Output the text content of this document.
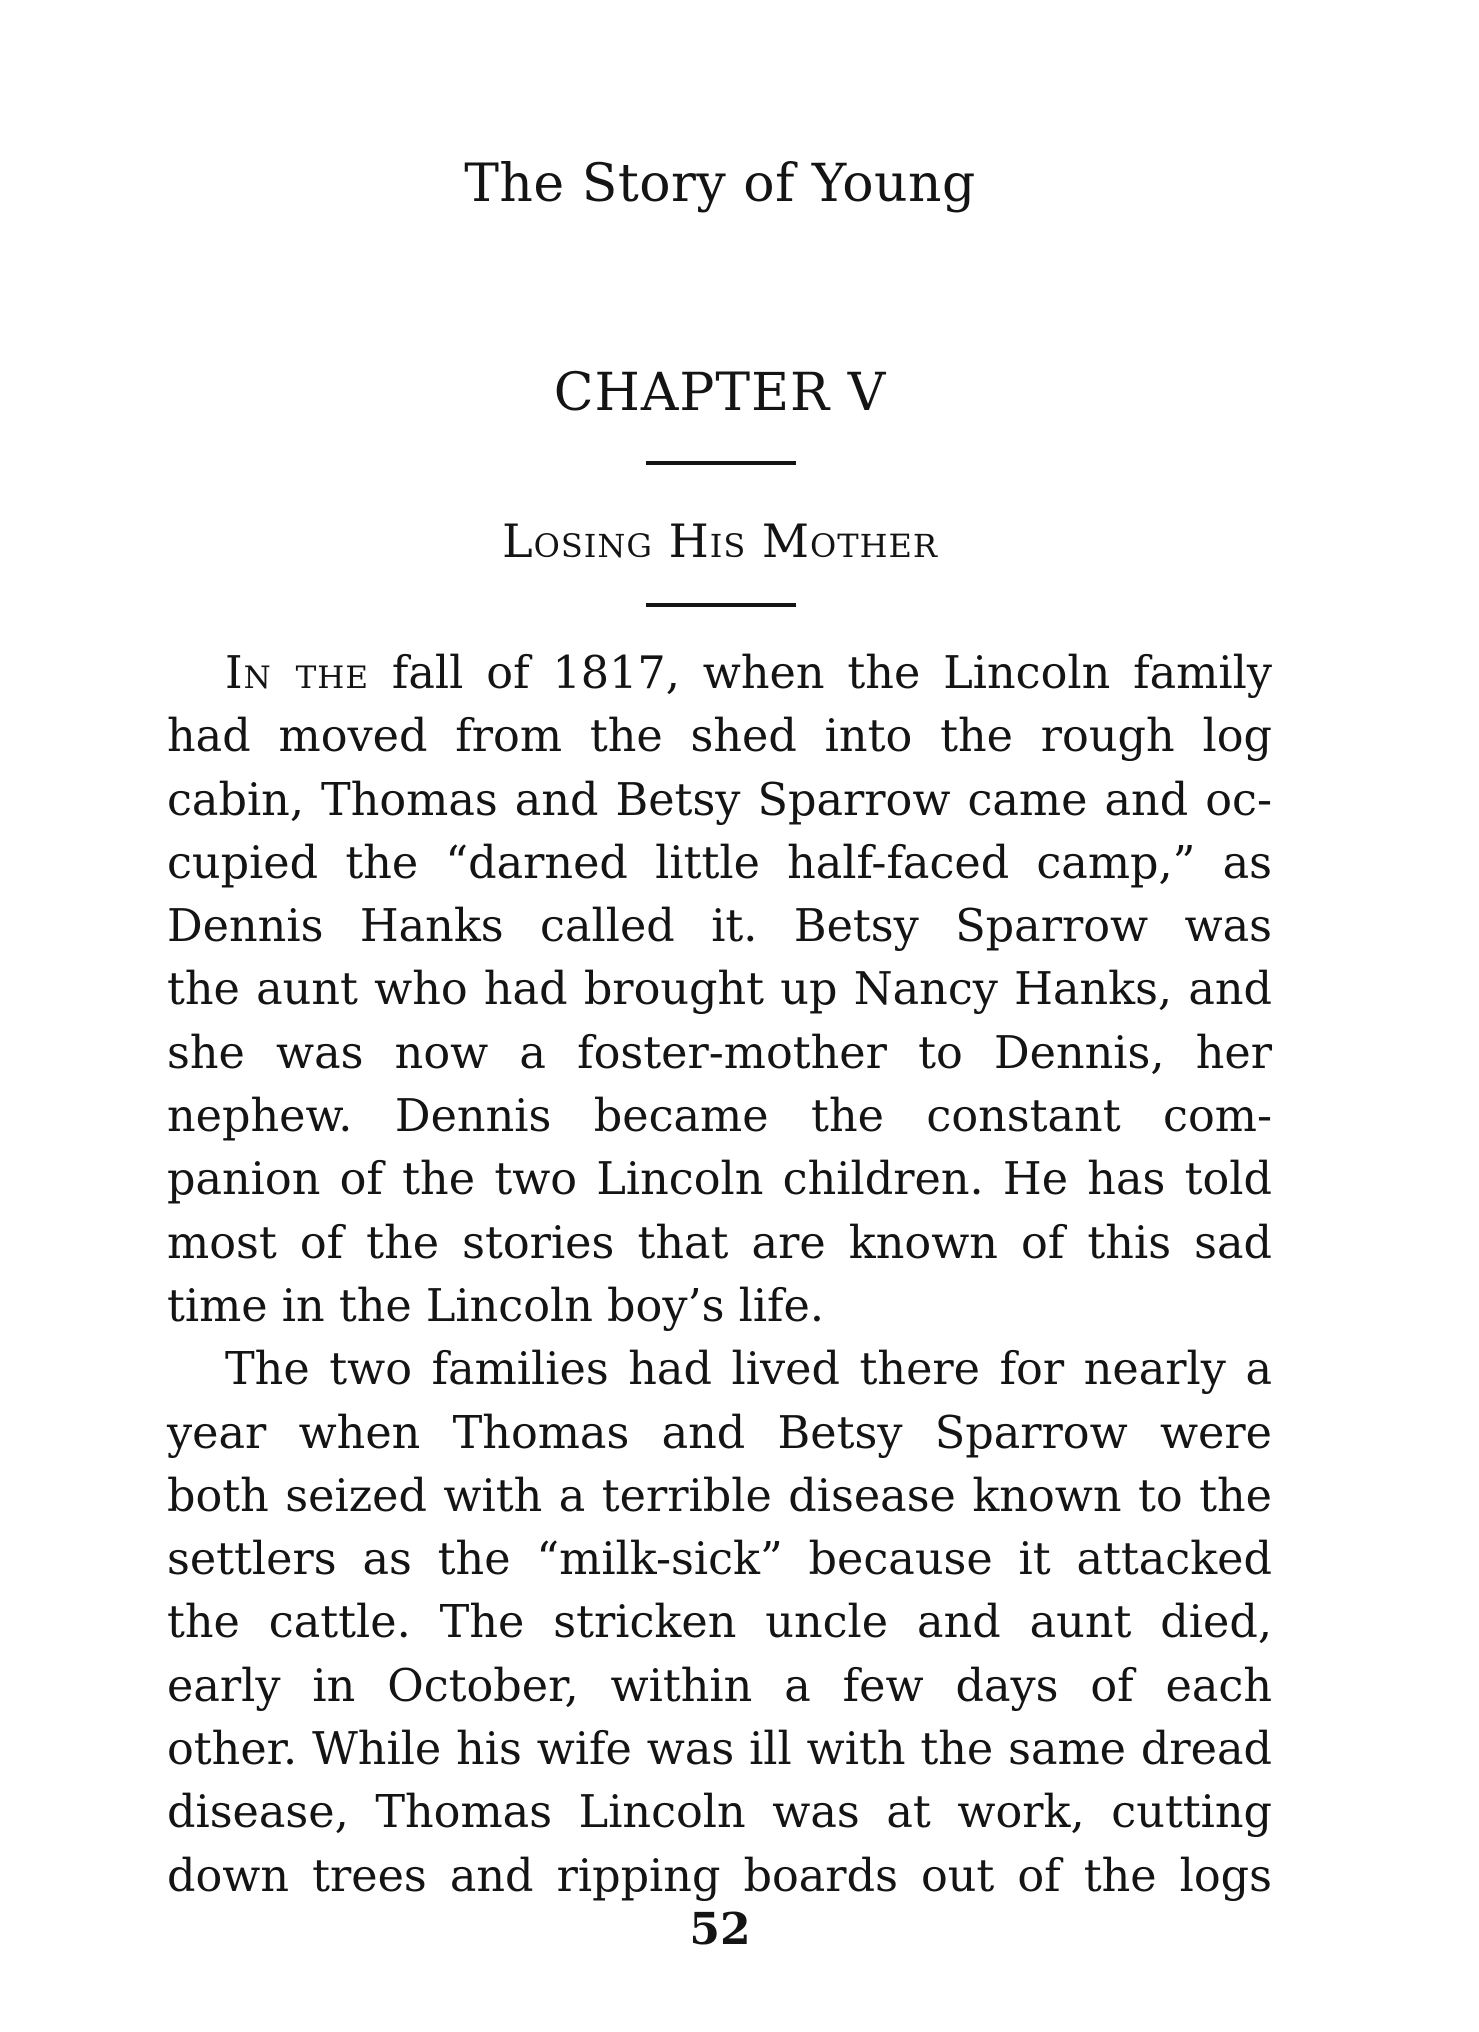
The Story of Young
CHAPTER V
Losing His Mother
In the fall of 1817, when the Lincoln family
had moved from the shed into the rough log
cabin, Thomas and Betsy Sparrow came and oc-
cupied the “darned little half-faced camp,” as
Dennis Hanks called it. Betsy Sparrow was
the aunt who had brought up Nancy Hanks, and
she was now a foster-mother to Dennis, her
nephew. Dennis became the constant com-
panion of the two Lincoln children. He has told
most of the stories that are known of this sad
time in the Lincoln boy’s life.
The two families had lived there for nearly a
year when Thomas and Betsy Sparrow were
both seized with a terrible disease known to the
settlers as the “milk-sick” because it attacked
the cattle. The stricken uncle and aunt died,
early in October, within a few days of each
other. While his wife was ill with the same dread
disease, Thomas Lincoln was at work, cutting
down trees and ripping boards out of the logs
52
